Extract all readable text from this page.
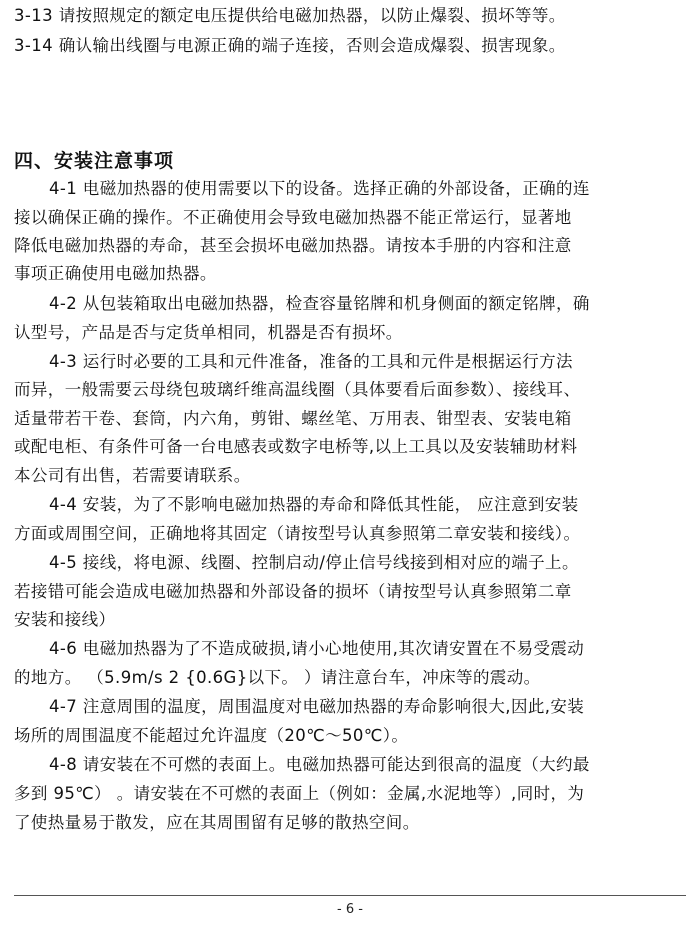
3-13 请按照规定的额定电压提供给电磁加热器，以防止爆裂、损坏等等。
3-14 确认输出线圈与电源正确的端子连接，否则会造成爆裂、损害现象。
四、安装注意事项
4-1 电磁加热器的使用需要以下的设备。选择正确的外部设备，正确的连
接以确保正确的操作。不正确使用会导致电磁加热器不能正常运行，显著地
降低电磁加热器的寿命，甚至会损坏电磁加热器。请按本手册的内容和注意
事项正确使用电磁加热器。
4-2 从包装箱取出电磁加热器，检查容量铭牌和机身侧面的额定铭牌，确
认型号，产品是否与定货单相同，机器是否有损坏。
4-3 运行时必要的工具和元件准备，准备的工具和元件是根据运行方法
而异，一般需要云母绕包玻璃纤维高温线圈（具体要看后面参数）、接线耳、
适量带若干卷、套筒，内六角，剪钳、螺丝笔、万用表、钳型表、安装电箱
或配电柜、有条件可备一台电感表或数字电桥等,以上工具以及安装辅助材料
本公司有出售，若需要请联系。
4-4 安装，为了不影响电磁加热器的寿命和降低其性能， 应注意到安装
方面或周围空间，正确地将其固定（请按型号认真参照第二章安装和接线）。
4-5 接线，将电源、线圈、控制启动/停止信号线接到相对应的端子上。
若接错可能会造成电磁加热器和外部设备的损坏（请按型号认真参照第二章
安装和接线）
4-6 电磁加热器为了不造成破损,请小心地使用,其次请安置在不易受震动
的地方。 （5.9m/s 2 {0.6G}以下。 ）请注意台车，冲床等的震动。
4-7 注意周围的温度，周围温度对电磁加热器的寿命影响很大,因此,安装
场所的周围温度不能超过允许温度（20℃～50℃）。
4-8 请安装在不可燃的表面上。电磁加热器可能达到很高的温度（大约最
多到 95℃） 。请安装在不可燃的表面上（例如：金属,水泥地等）,同时，为
了使热量易于散发，应在其周围留有足够的散热空间。
- 6 -
